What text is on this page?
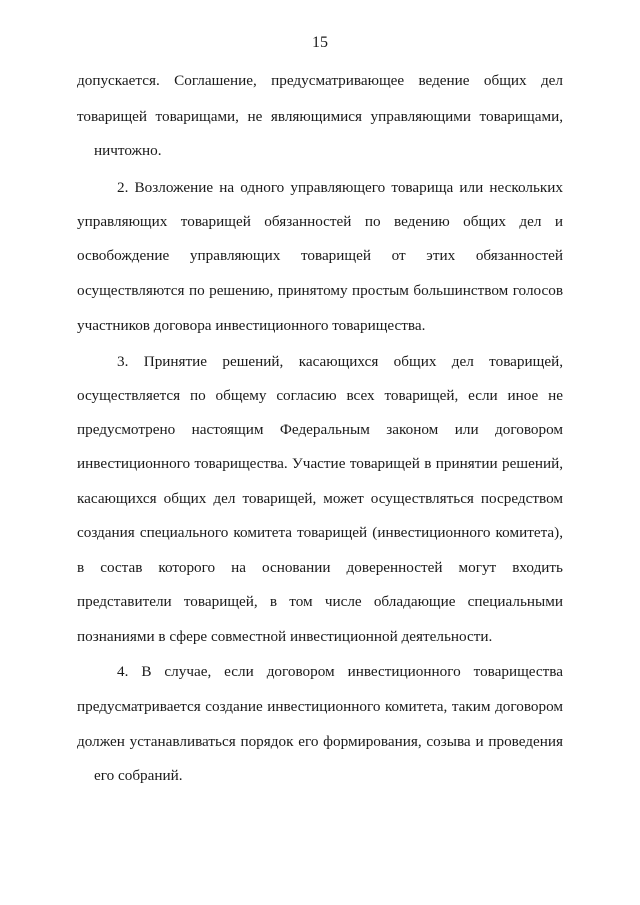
15
допускается. Соглашение, предусматривающее ведение общих дел
товарищей товарищами, не являющимися управляющими товарищами,
ничтожно.
2. Возложение на одного управляющего товарища или нескольких
управляющих товарищей обязанностей по ведению общих дел и
освобождение управляющих товарищей от этих обязанностей
осуществляются по решению, принятому простым большинством голосов
участников договора инвестиционного товарищества.
3. Принятие решений, касающихся общих дел товарищей,
осуществляется по общему согласию всех товарищей, если иное не
предусмотрено настоящим Федеральным законом или договором
инвестиционного товарищества. Участие товарищей в принятии решений,
касающихся общих дел товарищей, может осуществляться посредством
создания специального комитета товарищей (инвестиционного комитета),
в состав которого на основании доверенностей могут входить
представители товарищей, в том числе обладающие специальными
познаниями в сфере совместной инвестиционной деятельности.
4. В случае, если договором инвестиционного товарищества
предусматривается создание инвестиционного комитета, таким договором
должен устанавливаться порядок его формирования, созыва и проведения
его собраний.
